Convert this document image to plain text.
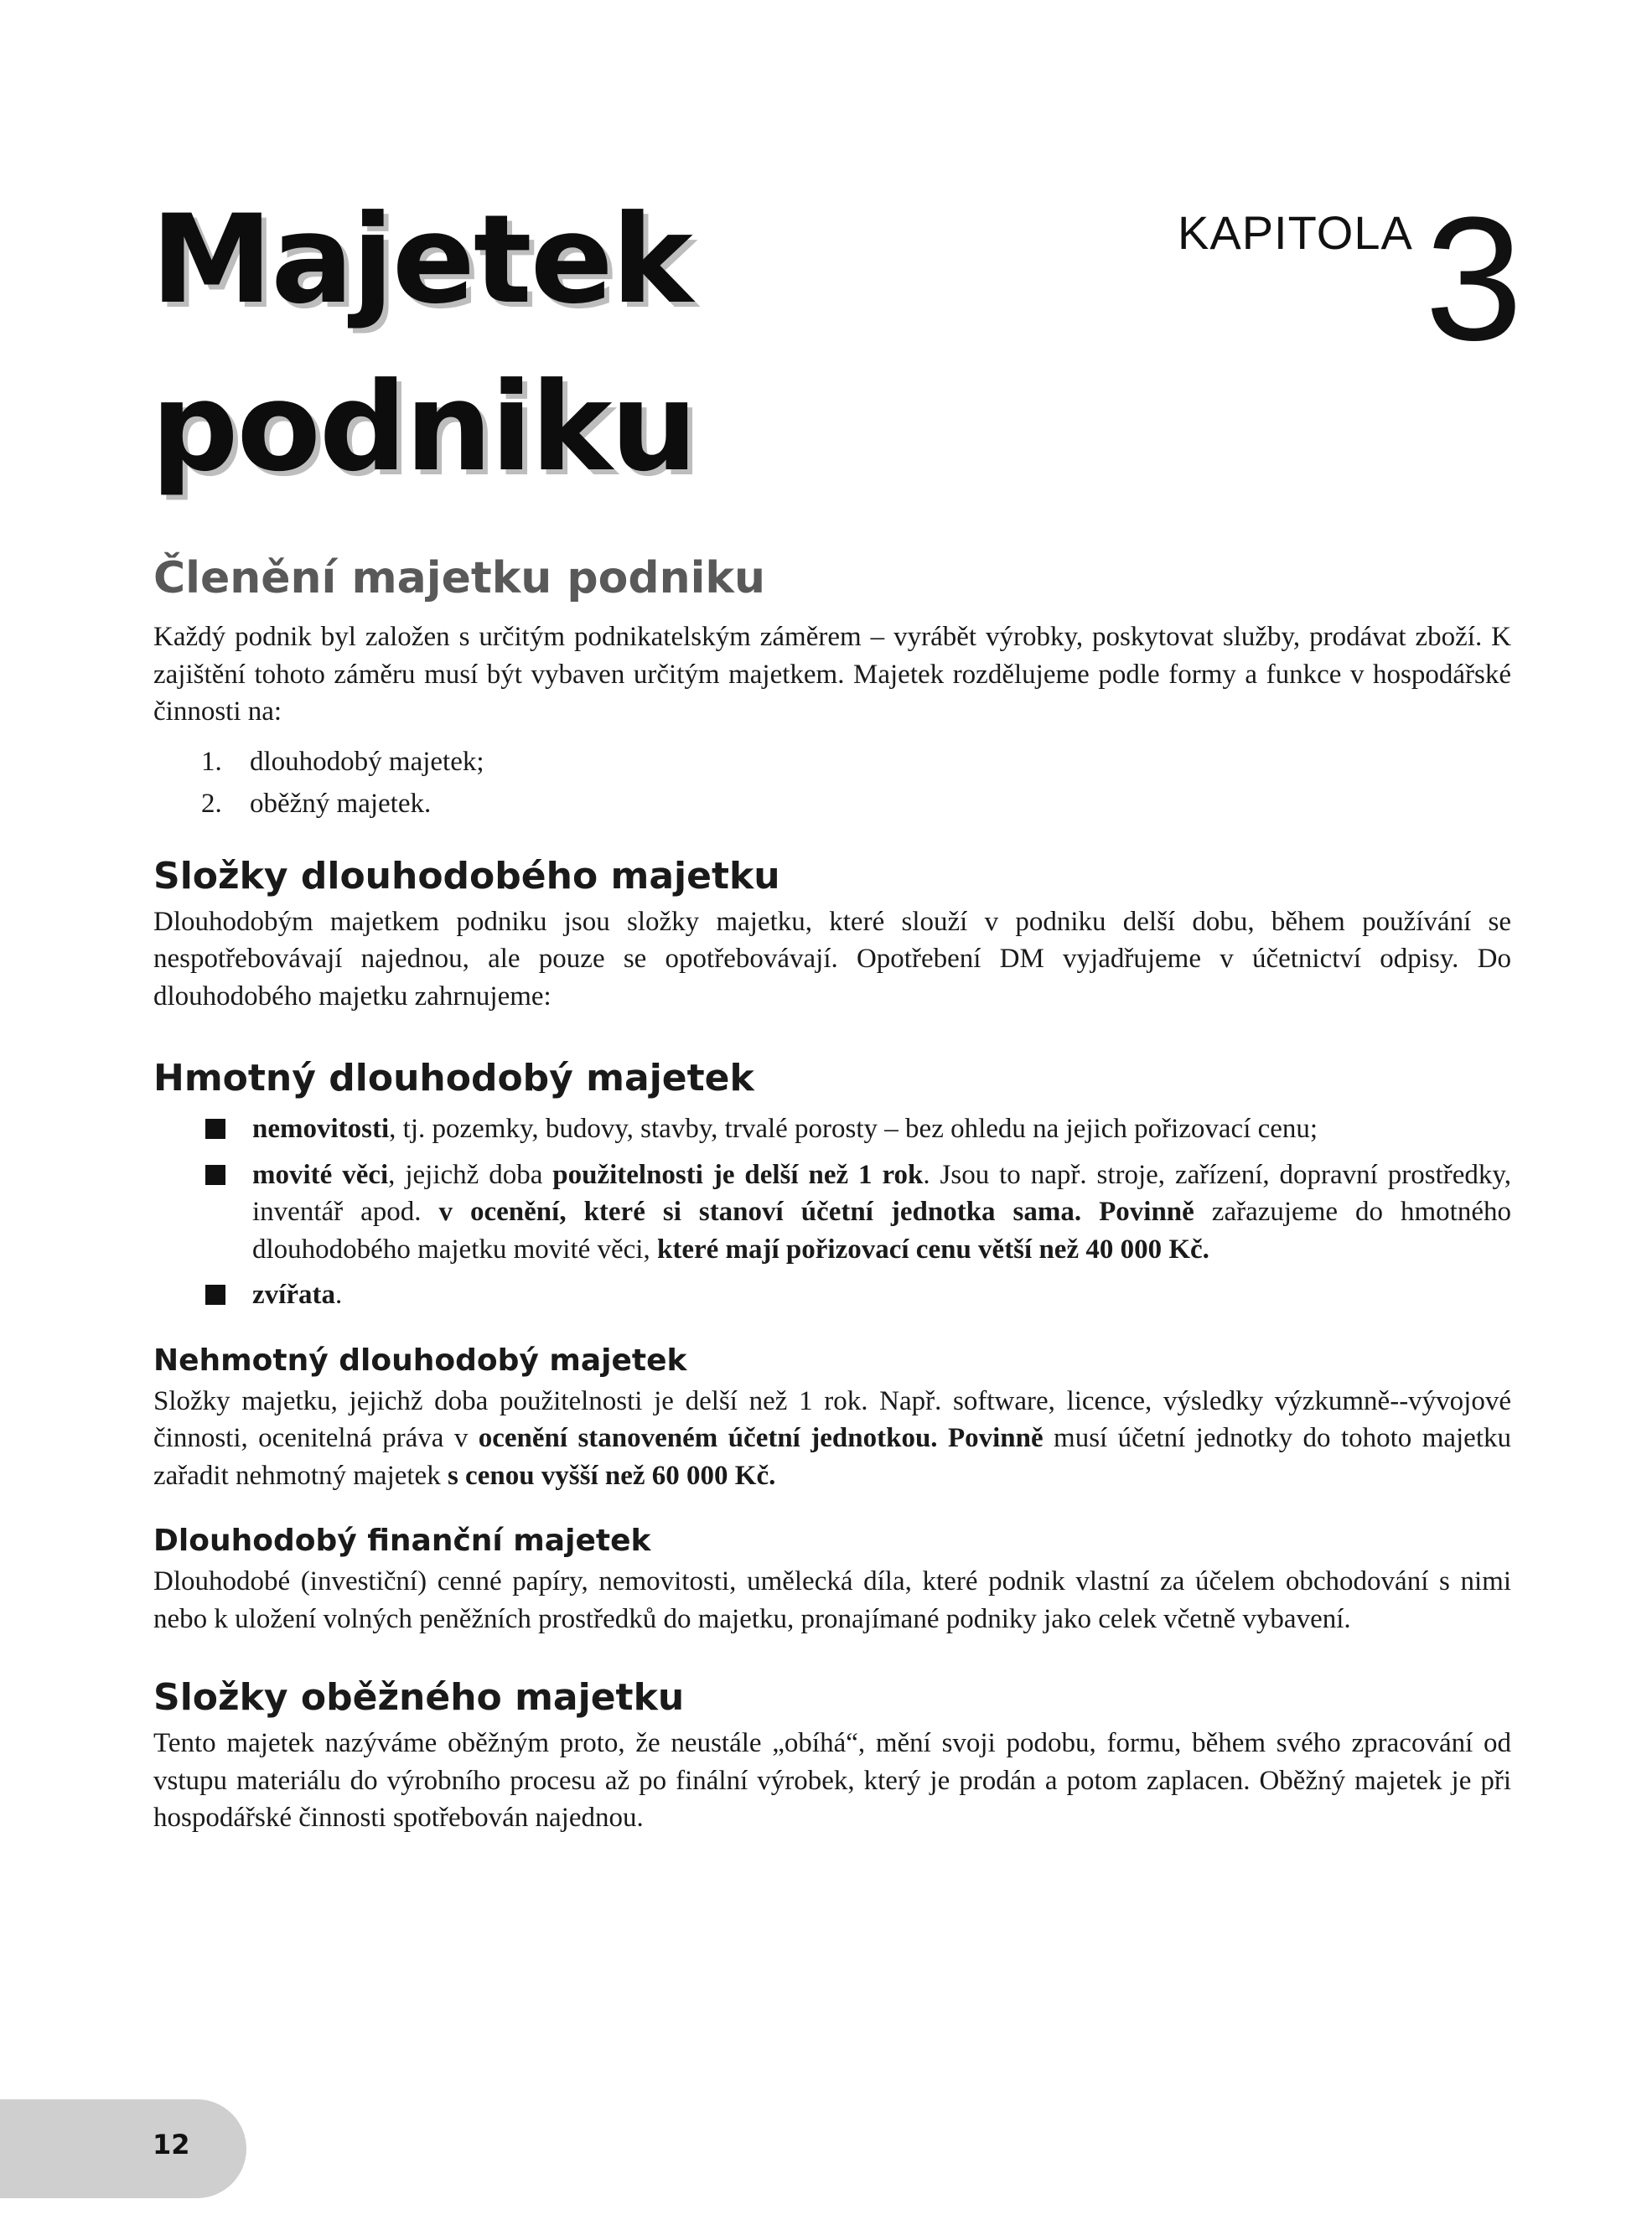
Majetek
podniku
KAPITOLA 3
Členění majetku podniku

Každý podnik byl založen s určitým podnikatelským záměrem – vyrábět výrobky, poskytovat služby, prodávat zboží. K zajištění tohoto záměru musí být vybaven určitým majetkem. Majetek rozdělujeme podle formy a funkce v hospodářské činnosti na:

1. dlouhodobý majetek;
2. oběžný majetek.
Složky dlouhodobého majetku

Dlouhodobým majetkem podniku jsou složky majetku, které slouží v podniku delší dobu, během používání se nespotřebovávají najednou, ale pouze se opotřebovávají. Opotřebení DM vyjadřujeme v účetnictví odpisy. Do dlouhodobého majetku zahrnujeme:

Hmotný dlouhodobý majetek
nemovitosti, tj. pozemky, budovy, stavby, trvalé porosty – bez ohledu na jejich pořizovací cenu;
movité věci, jejichž doba použitelnosti je delší než 1 rok. Jsou to např. stroje, zařízení, dopravní prostředky, inventář apod. v ocenění, které si stanoví účetní jednotka sama. Povinně zařazujeme do hmotného dlouhodobého majetku movité věci, které mají pořizovací cenu větší než 40 000 Kč.
zvířata.
Nehmotný dlouhodobý majetek

Složky majetku, jejichž doba použitelnosti je delší než 1 rok. Např. software, licence, výsledky výzkumně--vývojové činnosti, ocenitelná práva v ocenění stanoveném účetní jednotkou. Povinně musí účetní jednotky do tohoto majetku zařadit nehmotný majetek s cenou vyšší než 60 000 Kč.

Dlouhodobý finanční majetek

Dlouhodobé (investiční) cenné papíry, nemovitosti, umělecká díla, které podnik vlastní za účelem obchodování s nimi nebo k uložení volných peněžních prostředků do majetku, pronajímané podniky jako celek včetně vybavení.

Složky oběžného majetku

Tento majetek nazýváme oběžným proto, že neustále „obíhá“, mění svoji podobu, formu, během svého zpracování od vstupu materiálu do výrobního procesu až po finální výrobek, který je prodán a potom zaplacen. Oběžný majetek je při hospodářské činnosti spotřebován najednou.

12
